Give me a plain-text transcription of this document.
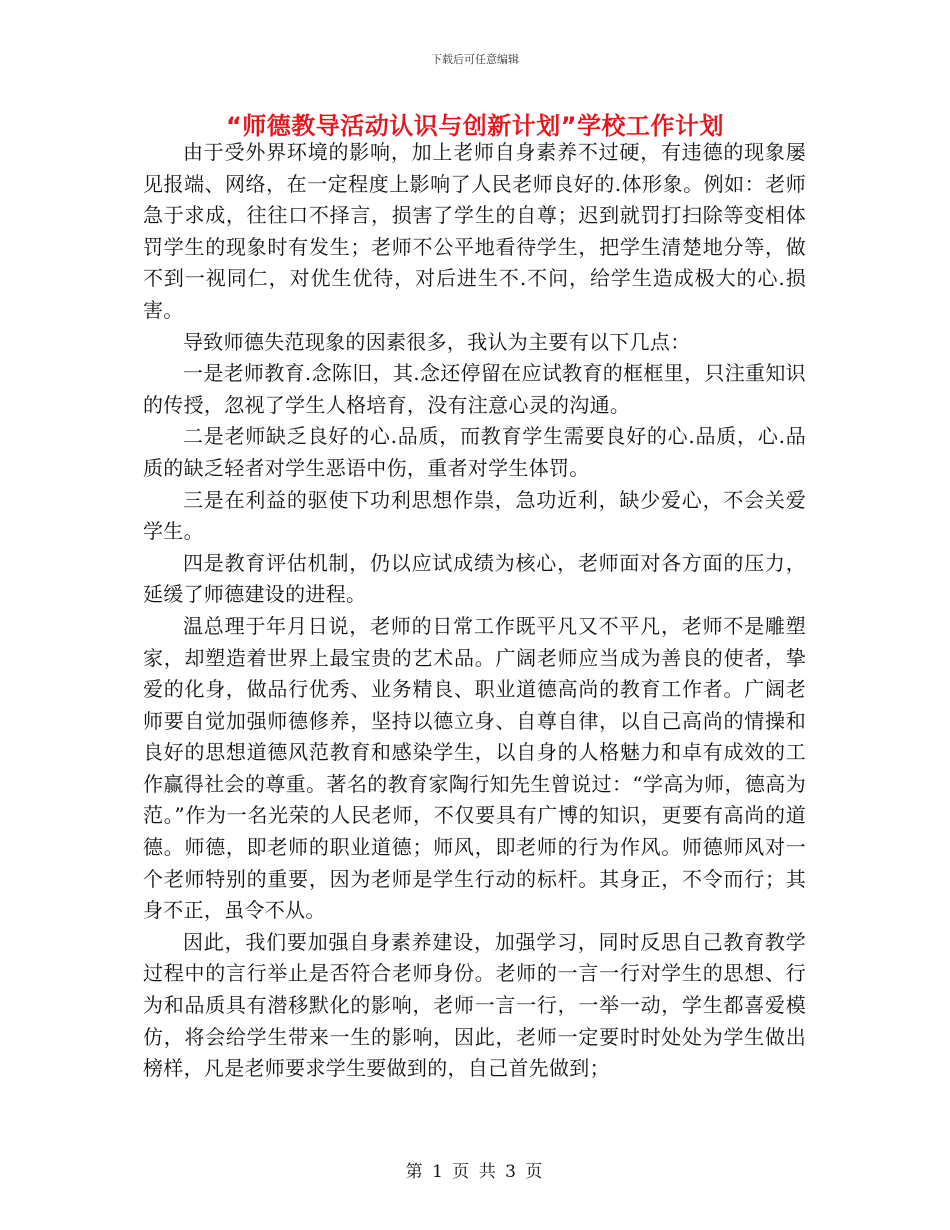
下载后可任意编辑
“师德教导活动认识与创新计划”学校工作计划

由于受外界环境的影响，加上老师自身素养不过硬，有违德的现象屡见报端、网络，在一定程度上影响了人民老师良好的.体形象。例如：老师急于求成，往往口不择言，损害了学生的自尊；迟到就罚打扫除等变相体罚学生的现象时有发生；老师不公平地看待学生，把学生清楚地分等，做不到一视同仁，对优生优待，对后进生不.不问，给学生造成极大的心.损害。

导致师德失范现象的因素很多，我认为主要有以下几点：

一是老师教育.念陈旧，其.念还停留在应试教育的框框里，只注重知识的传授，忽视了学生人格培育，没有注意心灵的沟通。

二是老师缺乏良好的心.品质，而教育学生需要良好的心.品质，心.品质的缺乏轻者对学生恶语中伤，重者对学生体罚。

三是在利益的驱使下功利思想作祟，急功近利，缺少爱心，不会关爱学生。

四是教育评估机制，仍以应试成绩为核心，老师面对各方面的压力，延缓了师德建设的进程。

温总理于年月日说，老师的日常工作既平凡又不平凡，老师不是雕塑家，却塑造着世界上最宝贵的艺术品。广阔老师应当成为善良的使者，挚爱的化身，做品行优秀、业务精良、职业道德高尚的教育工作者。广阔老师要自觉加强师德修养，坚持以德立身、自尊自律，以自己高尚的情操和良好的思想道德风范教育和感染学生，以自身的人格魅力和卓有成效的工作赢得社会的尊重。著名的教育家陶行知先生曾说过：“学高为师，德高为范。”作为一名光荣的人民老师，不仅要具有广博的知识，更要有高尚的道德。师德，即老师的职业道德；师风，即老师的行为作风。师德师风对一个老师特别的重要，因为老师是学生行动的标杆。其身正，不令而行；其身不正，虽令不从。

因此，我们要加强自身素养建设，加强学习，同时反思自己教育教学过程中的言行举止是否符合老师身份。老师的一言一行对学生的思想、行为和品质具有潜移默化的影响，老师一言一行，一举一动，学生都喜爱模仿，将会给学生带来一生的影响，因此，老师一定要时时处处为学生做出榜样，凡是老师要求学生要做到的，自己首先做到；

第 1 页 共 3 页
